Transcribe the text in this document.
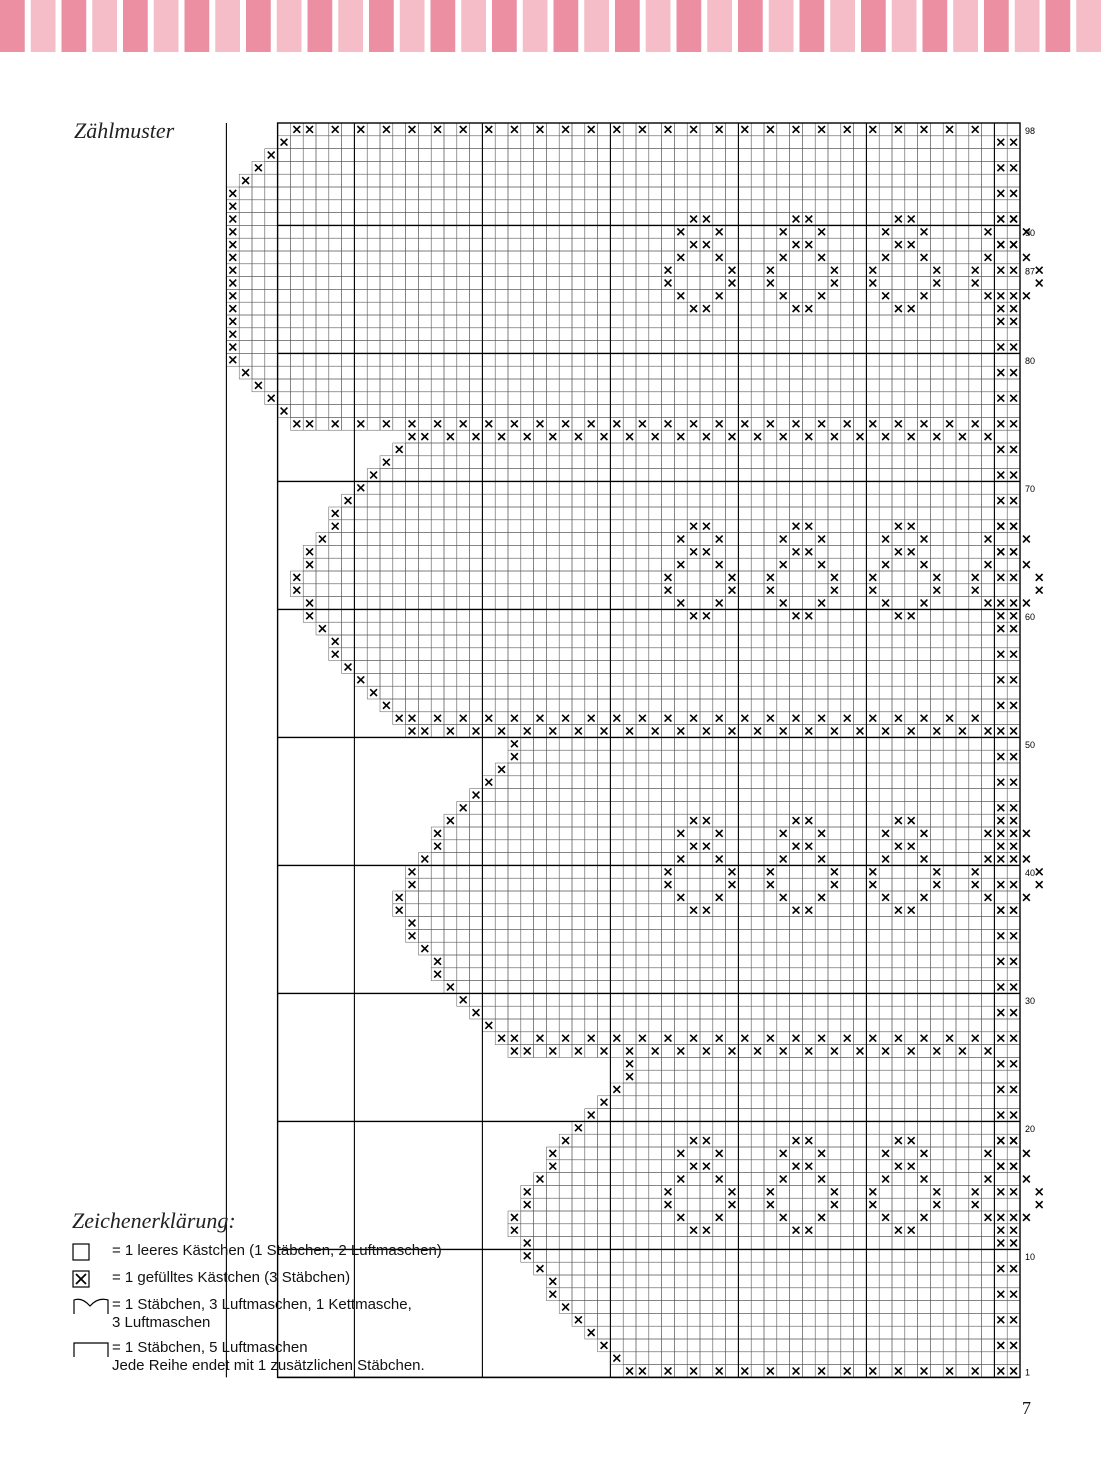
Zählmuster	98
90
87
80
70
60
50
40
30
20
10
1
Zeichenerklärung:
= 1 leeres Kästchen (1 Stäbchen, 2 Luftmaschen)
= 1 gefülltes Kästchen (3 Stäbchen)
= 1 Stäbchen, 3 Luftmaschen, 1 Kettmasche,
3 Luftmaschen
= 1 Stäbchen, 5 Luftmaschen
Jede Reihe endet mit 1 zusätzlichen Stäbchen.
7
